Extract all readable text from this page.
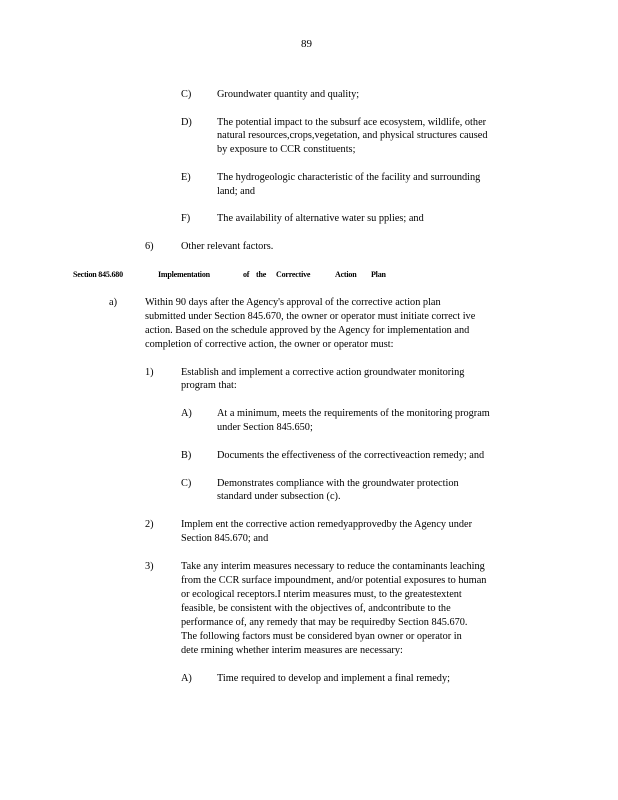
89
C) Groundwater quantity and quality;
D) The potential impact to the subsurf ace ecosystem, wildlife, other
natural resources,crops,vegetation, and physical structures caused
by exposure to CCR constituents;
E)	The hydrogeologic characteristic of the facility and surrounding
land; and
F)	The availability of alternative water su pplies; and
6)	Other relevant factors.
Section 845.680	Implementation	of the Corrective	Action Plan
a)	Within 90 days after the Agency's approval of the corrective action plan
submitted under Section 845.670, the owner or operator must initiate correct ive
action. Based on the schedule approved by the Agency for implementation and
completion of corrective action, the owner or operator must:
1)	Establish and implement a corrective action groundwater monitoring
program that:
A) At a minimum, meets the requirements of the monitoring program
under Section 845.650;
B) Documents the effectiveness of the correctiveaction remedy; and
C) Demonstrates compliance with the groundwater protection
standard under subsection (c).
2)	Implem ent the corrective action remedyapprovedby the Agency under
Section 845.670; and
3)	Take any interim measures necessary to reduce the contaminants leaching
from the CCR surface impoundment, and/or potential exposures to human
or ecological receptors.I nterim measures must, to the greatestextent
feasible, be consistent with the objectives of, andcontribute to the
performance of, any remedy that may be requiredby Section 845.670.
The following factors must be considered byan owner or operator in
dete rmining whether interim measures are necessary:
A) Time required to develop and implement a final remedy;
